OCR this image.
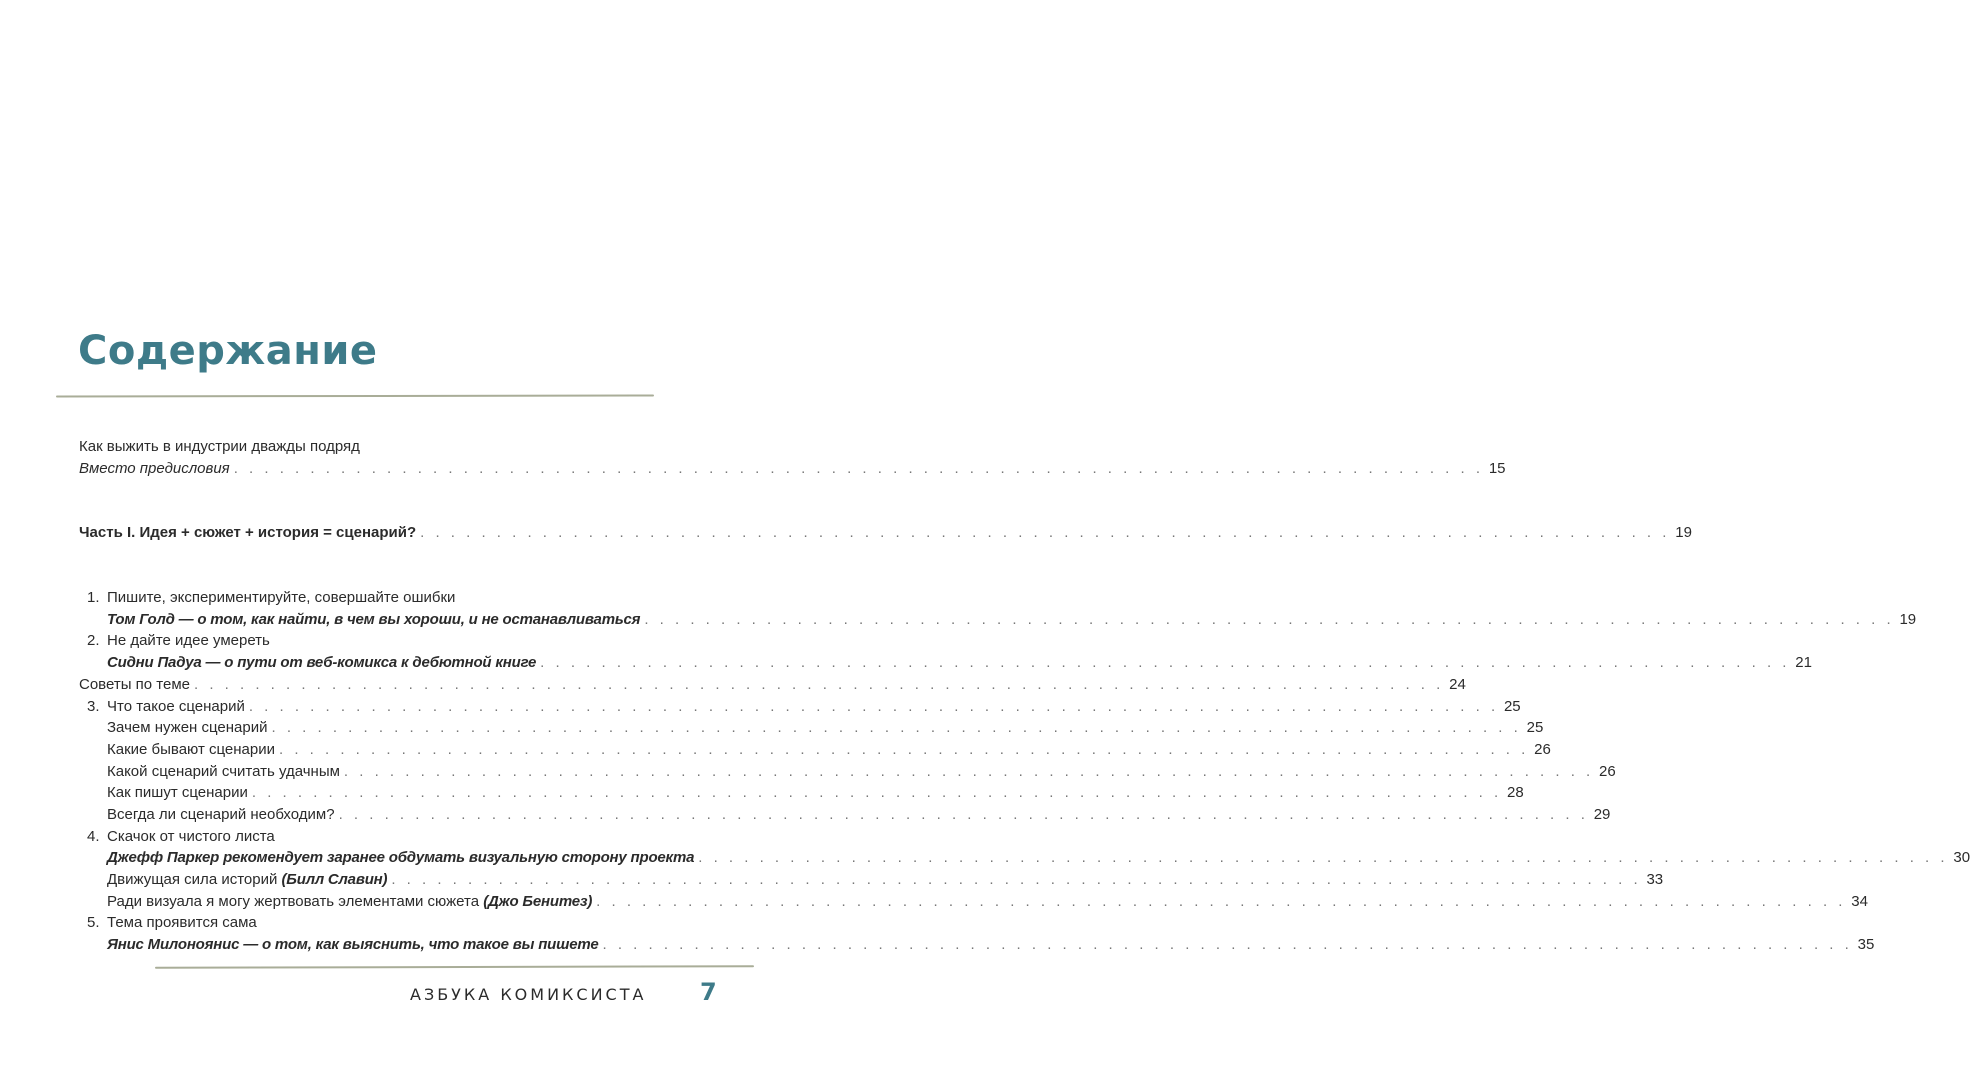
Содержание
Как выжить в индустрии дважды подряд
Вместо предисловия . . .	15
Часть I. Идея + сюжет + история = сценарий? . . .	19
1. Пишите, экспериментируйте, совершайте ошибки
Том Голд — о том, как найти, в чем вы хороши, и не останавливаться . . .	19
2. Не дайте идее умереть
Сидни Падуа — о пути от веб-комикса к дебютной книге . . .	21
Советы по теме . . .	24
3. Что такое сценарий . . .	25
Зачем нужен сценарий . . .	25
Какие бывают сценарии . . .	26
Какой сценарий считать удачным . . .	26
Как пишут сценарии . . .	28
Всегда ли сценарий необходим? . . .	29
4. Скачок от чистого листа
Джефф Паркер рекомендует заранее обдумать визуальную сторону проекта . . .	30
Движущая сила историй (Билл Славин) . . .	33
Ради визуала я могу жертвовать элементами сюжета (Джо Бенитез) . . .	34
5. Тема проявится сама
Янис Милоноянис — о том, как выяснить, что такое вы пишете . . .	35
АЗБУКА КОМИКСИСТА 7
